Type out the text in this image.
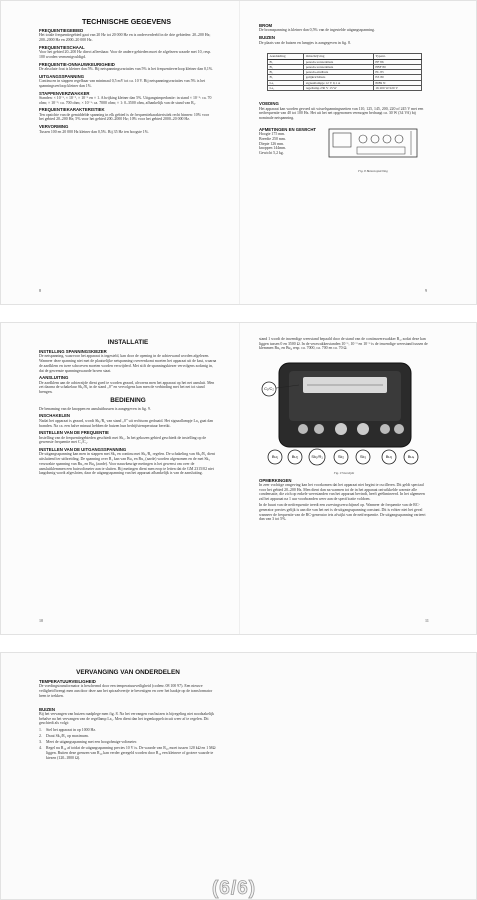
TECHNISCHE GEGEVENS
FREQUENTIEGEBIED

Het totale frequentiegebied gaat van 20 Hz tot 20 000 Hz en is onderverdeeld in de drie gebieden: 20–200 Hz; 200–2000 Hz en 2000–20 000 Hz.

FREQUENTIESCHAAL

Voor het gebied 20–200 Hz direct afleesbaar. Voor de andere gebieden moet de afgelezen waarde met 10, resp. 100 worden vermenigvuldigd.

FREQUENTIE-ONNAUWKEURIGHEID

De absolute fout is kleiner dan 5%. Bij netspanningsvariaties van 5% is het frequentieverloop kleiner dan 0,1%.

UITGANGSSPANNING

Continu en in stappen regelbaar van minimaal 0,5 mV tot ca. 10 V. Bij netspanningsvariaties van 5% is het spanningsverloop kleiner dan 1%.

STAPPENVERZWAKKER

Standen: × 10⁻³, × 10⁻², × 10⁻¹ en × 1. Afwijking kleiner dan 5%. Uitgangsimpedantie: in stand × 10⁻³: ca. 70 ohm; × 10⁻²: ca. 700 ohm; × 10⁻¹: ca. 7000 ohm; × 1: 0–3500 ohm, afhankelijk van de stand van R₃.

FREQUENTIEKARAKTERISTIEK

Ten opzichte van de gemiddelde spanning in elk gebied is de frequentiekarakteristiek recht binnen: 10% voor het gebied 20–200 Hz; 5% voor het gebied 200–2000 Hz; 10% voor het gebied 2000–20 000 Hz.

VERVORMING

Tussen 100 en 20 000 Hz kleiner dan 0,5%. Bij 35 Hz ten hoogste 1%.

8
BROM

De bromspanning is kleiner dan 0,5% van de ingestelde uitgangsspanning.

BUIZEN

De plaats van de buizen en lampjes is aangegeven in fig. 8.

Aanduiding	Omschrijving	Typenr.
B₁	penoda-versterkbuis	EF 86
B₂	penoda-versterkbuis	EBF 80
B₃	penoda-eindbuis	EL 83
B₄	gelijkrichtbuis	EZ 80
La₁	signaallampje 12 V 0,1 A	8089 N
La₂	regellamp 230 V 15 W	16 200 W/220 V
VOEDING

Het apparaat kan worden gevoed uit wisselspanningsnetten van 110, 125, 145, 200, 220 of 245 V met een netfrequentie van 40 tot 100 Hz. Het uit het net opgenomen vermogen bedraagt ca. 30 W (34 VA) bij nominale netspanning.

AFMETINGEN EN GEWICHT
Hoogte 175 mm.
Breedte 250 mm.
Diepte 126 mm.
knoppen 144mm.
Gewicht 5,2 kg.
Fig. 8 Buizenopstelling
9
INSTALLATIE
INSTELLING SPANNINGSKIEZER

De netspanning, waarvoor het apparaat is ingesteld, kan door de opening in de achterwand worden afgelezen. Wanneer deze spanning niet met de plaatselijke netspanning overeenkomt moeten het apparaat uit de kast, waarna de aardklem en twee schroeven moeten worden verwijderd. Met stift de spanningskiezer vervolgens zodanig in, dat de gewenste spanningswaarde boven staat.

AANSLUITING

De aardklem aan de achterzijde dient goed te worden geaard, alvorens men het apparaat op het net aansluit. Men zet daarna de schakelaar Sk₁/R₁ in de stand „0” en vervolgens kan men de verbinding met het net tot stand brengen.

BEDIENING

De benaming van de knoppen en aansluitbussen is aangegeven in fig. 9.

INSCHAKELEN

Nadat het apparaat is geaard, wordt Sk₁/R₁ van stand „0” uit rechtsom gedraaid. Het signaallampje La₁ gaat dan branden. Na ca. een halve minuut hebben de buizen hun bedrijfstemperatuur bereikt.

INSTELLEN VAN DE FREQUENTIE

Instelling van de frequentiegebieden geschiedt met Sk₂. In het gekozen gebied geschiedt de instelling op de gewenste frequentie met C₁/C₂.

INSTELLEN VAN DE UITGANGSSPANNING

De uitgangsspanning kan men in stappen met Sk₃ en continu met Sk₁/R₁ regelen. De schakeling van Sk₁/R₁ dient uitsluitend ter uitbreiding. De spanning over R₁ kan van Bu₁ en Bu₂ (aarde) worden afgenomen en de met Sk₃ verzwakte spanning van Bu₃ en Bu₄ (aarde). Voor nauwkeurige metingen is het gewenst om over de aansluitklemmen een buisvoltmeter aan te sluiten. Bij metingen dient men erop te letten dat de GM 2315/02 niet laagohmig wordt afgesloten, daar de uitgangsspanning van het apparaat afhankelijk is van de aansluiting.

10

stand 1 wordt de inwendige weerstand bepaald door de stand van de continuverzwakker R₁, zodat deze kan liggen tussen 0 en 3500 Ω. In de verzwakkerstanden 10⁻¹, 10⁻² en 10⁻³ is de inwendige weerstand tussen de klemmen Bu₃ en Bu₄ resp. ca. 7000, ca. 700 en ca. 70 Ω.

C₁/C₂
Bu₁	Bu₂	Sk₁/R₁	Sk₂	Sk₃	Bu₃	Bu₄
Fig. 9 Voorzijde
OPMERKINGEN

In zeer vochtige omgeving kan het voorkomen dat het apparaat niet begint te oscilleren. Dit geldt speciaal voor het gebied 20–200 Hz. Men dient dan na warmen tot de in het apparaat ontwikkelde warmte alle condensatie, die zich op enkele weerstanden van het apparaat bevindt, heeft geëlimineerd. In het algemeen zal het apparaat na 1 uur voorbranden weer aan de specificatie voldoen.

In de buurt van de netfrequentie treedt een zwevingsverschijnsel op. Wanneer de frequentie van de RC-generator precies gelijk is aan die van het net is de uitgangsspanning constant. Dit is echter niet het geval wanneer de frequentie van de RC-generator iets afwijkt van de netfrequentie. De uitgangsspanning varieert dan van 3 tot 5%.

11
VERVANGING VAN ONDERDELEN
TEMPERATUURVEILIGHEID

De voedingstransformator is beschermd door een temperatuurveiligheid (codenr. 08 100 97). Een nieuwe veiligheid brengt men aan door deze aan het spiraalveertje te bevestigen en over het haakje op de transformator heen te trekken.

BUIZEN

Bij het vervangen van buizen raadplege men fig. 8. Na het vervangen van buizen is bijregeling niet noodzakelijk behalve na het vervangen van de regellamp La₂. Men dient dan het tegenkoppelcircuit weer af te regelen. Dit geschiedt als volgt:

1. Stel het apparaat in op 1000 Hz.
2. Draai Sk₁/R₁ op maximum.
3. Meet de uitgangsspanning met een hoogohmige voltmeter.
4. Regel nu R₁₀ af totdat de uitgangsspanning precies 10 V is. De waarde van R₁₀ moet tussen 120 kΩ en 1 MΩ liggen. Buiten deze grenzen van R₁₀ kan verder geregeld worden door R₁₀ een kleinere of grotere waarde te kiezen (120–1800 Ω).
(6/6)
